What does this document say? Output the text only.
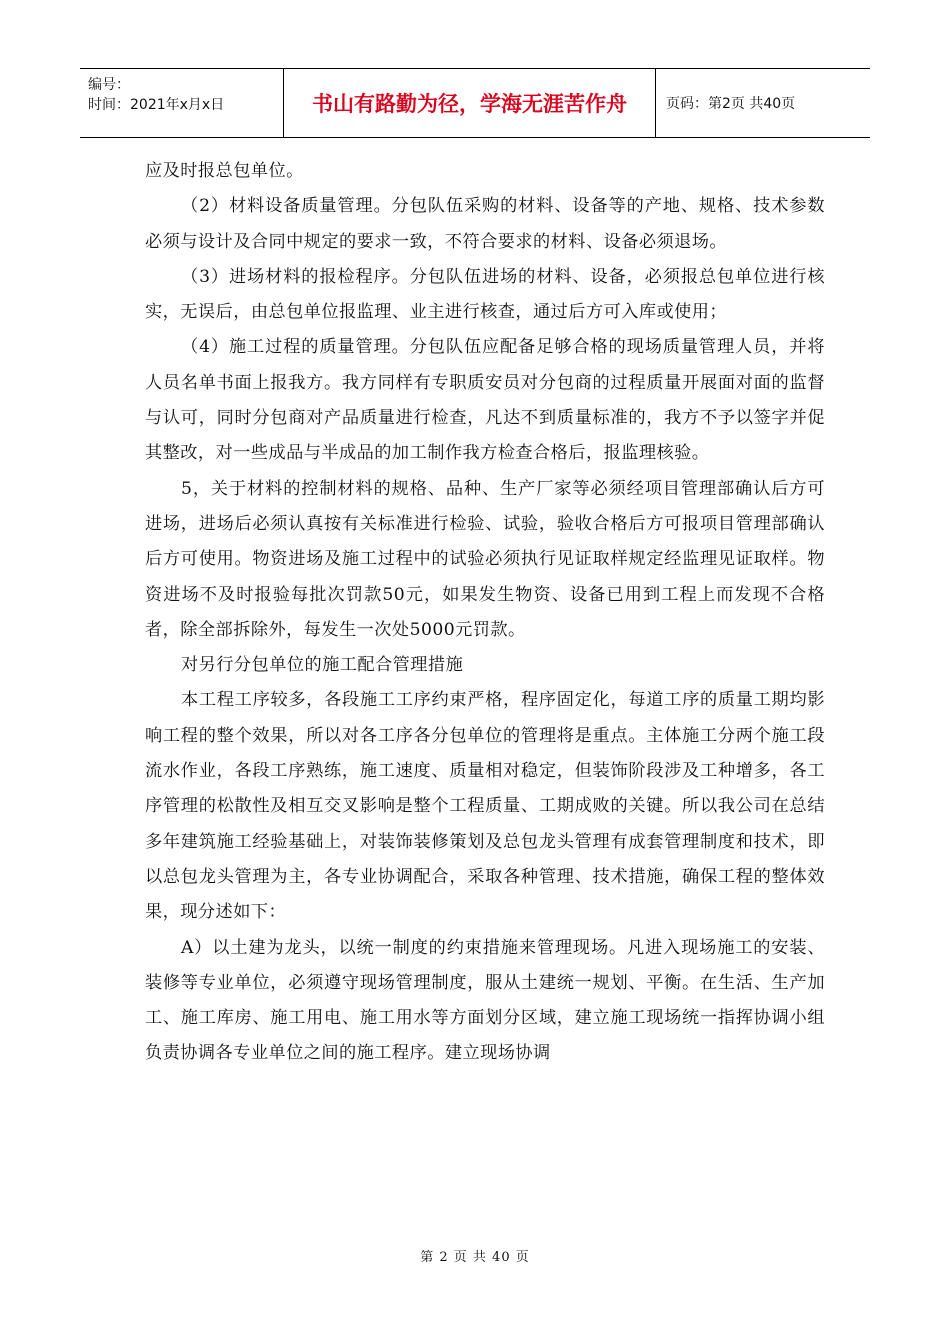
编号：
时间：2021年x月x日	书山有路勤为径，学海无涯苦作舟	页码：第2页 共40页

应及时报总包单位。

（2）材料设备质量管理。分包队伍采购的材料、设备等的产地、规格、技术参数必须与设计及合同中规定的要求一致，不符合要求的材料、设备必须退场。

（3）进场材料的报检程序。分包队伍进场的材料、设备，必须报总包单位进行核实，无误后，由总包单位报监理、业主进行核查，通过后方可入库或使用；

（4）施工过程的质量管理。分包队伍应配备足够合格的现场质量管理人员，并将人员名单书面上报我方。我方同样有专职质安员对分包商的过程质量开展面对面的监督与认可，同时分包商对产品质量进行检查，凡达不到质量标准的，我方不予以签字并促其整改，对一些成品与半成品的加工制作我方检查合格后，报监理核验。

5，关于材料的控制材料的规格、品种、生产厂家等必须经项目管理部确认后方可进场，进场后必须认真按有关标准进行检验、试验，验收合格后方可报项目管理部确认后方可使用。物资进场及施工过程中的试验必须执行见证取样规定经监理见证取样。物资进场不及时报验每批次罚款50元，如果发生物资、设备已用到工程上而发现不合格者，除全部拆除外，每发生一次处5000元罚款。

对另行分包单位的施工配合管理措施

本工程工序较多，各段施工工序约束严格，程序固定化，每道工序的质量工期均影响工程的整个效果，所以对各工序各分包单位的管理将是重点。主体施工分两个施工段流水作业，各段工序熟练，施工速度、质量相对稳定，但装饰阶段涉及工种增多，各工序管理的松散性及相互交叉影响是整个工程质量、工期成败的关键。所以我公司在总结多年建筑施工经验基础上，对装饰装修策划及总包龙头管理有成套管理制度和技术，即以总包龙头管理为主，各专业协调配合，采取各种管理、技术措施，确保工程的整体效果，现分述如下：

A）以土建为龙头，以统一制度的约束措施来管理现场。凡进入现场施工的安装、装修等专业单位，必须遵守现场管理制度，服从土建统一规划、平衡。在生活、生产加工、施工库房、施工用电、施工用水等方面划分区域，建立施工现场统一指挥协调小组负责协调各专业单位之间的施工程序。建立现场协调

第 2 页 共 40 页
